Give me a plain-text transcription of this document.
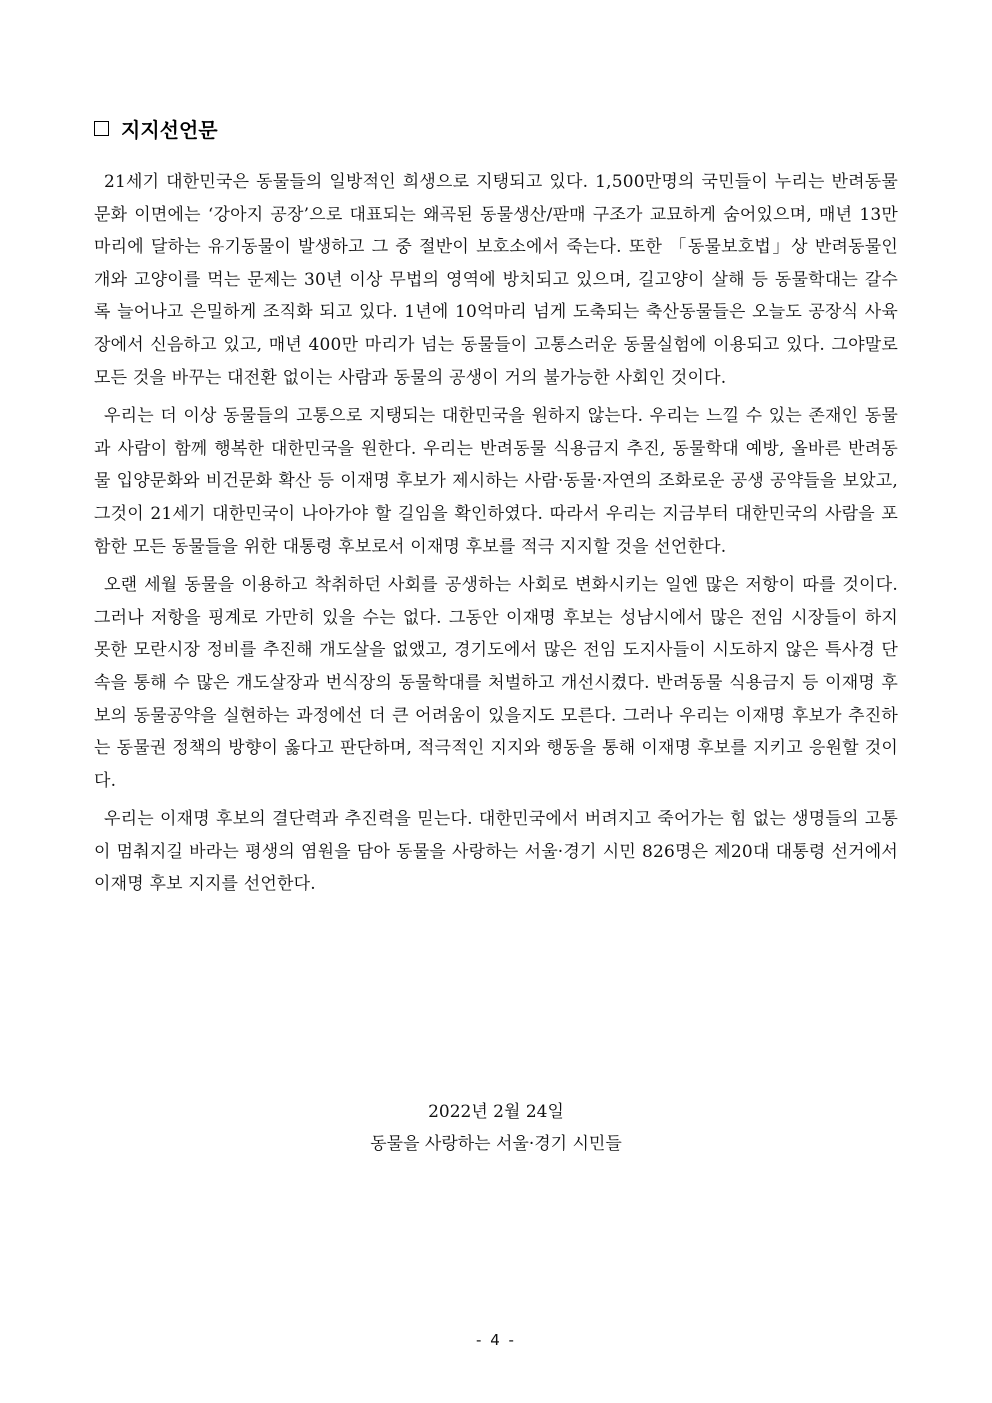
지지선언문

21세기 대한민국은 동물들의 일방적인 희생으로 지탱되고 있다. 1,500만명의 국민들이 누리는 반려동물 문화 이면에는 ‘강아지 공장’으로 대표되는 왜곡된 동물생산/판매 구조가 교묘하게 숨어있으며, 매년 13만 마리에 달하는 유기동물이 발생하고 그 중 절반이 보호소에서 죽는다. 또한 「동물보호법」상 반려동물인 개와 고양이를 먹는 문제는 30년 이상 무법의 영역에 방치되고 있으며, 길고양이 살해 등 동물학대는 갈수록 늘어나고 은밀하게 조직화 되고 있다. 1년에 10억마리 넘게 도축되는 축산동물들은 오늘도 공장식 사육장에서 신음하고 있고, 매년 400만 마리가 넘는 동물들이 고통스러운 동물실험에 이용되고 있다. 그야말로 모든 것을 바꾸는 대전환 없이는 사람과 동물의 공생이 거의 불가능한 사회인 것이다.

우리는 더 이상 동물들의 고통으로 지탱되는 대한민국을 원하지 않는다. 우리는 느낄 수 있는 존재인 동물과 사람이 함께 행복한 대한민국을 원한다. 우리는 반려동물 식용금지 추진, 동물학대 예방, 올바른 반려동물 입양문화와 비건문화 확산 등 이재명 후보가 제시하는 사람·동물·자연의 조화로운 공생 공약들을 보았고, 그것이 21세기 대한민국이 나아가야 할 길임을 확인하였다. 따라서 우리는 지금부터 대한민국의 사람을 포함한 모든 동물들을 위한 대통령 후보로서 이재명 후보를 적극 지지할 것을 선언한다.

오랜 세월 동물을 이용하고 착취하던 사회를 공생하는 사회로 변화시키는 일엔 많은 저항이 따를 것이다. 그러나 저항을 핑계로 가만히 있을 수는 없다. 그동안 이재명 후보는 성남시에서 많은 전임 시장들이 하지 못한 모란시장 정비를 추진해 개도살을 없앴고, 경기도에서 많은 전임 도지사들이 시도하지 않은 특사경 단속을 통해 수 많은 개도살장과 번식장의 동물학대를 처벌하고 개선시켰다. 반려동물 식용금지 등 이재명 후보의 동물공약을 실현하는 과정에선 더 큰 어려움이 있을지도 모른다. 그러나 우리는 이재명 후보가 추진하는 동물권 정책의 방향이 옳다고 판단하며, 적극적인 지지와 행동을 통해 이재명 후보를 지키고 응원할 것이다.

우리는 이재명 후보의 결단력과 추진력을 믿는다. 대한민국에서 버려지고 죽어가는 힘 없는 생명들의 고통이 멈춰지길 바라는 평생의 염원을 담아 동물을 사랑하는 서울·경기 시민 826명은 제20대 대통령 선거에서 이재명 후보 지지를 선언한다.

2022년 2월 24일
동물을 사랑하는 서울·경기 시민들
- 4 -
